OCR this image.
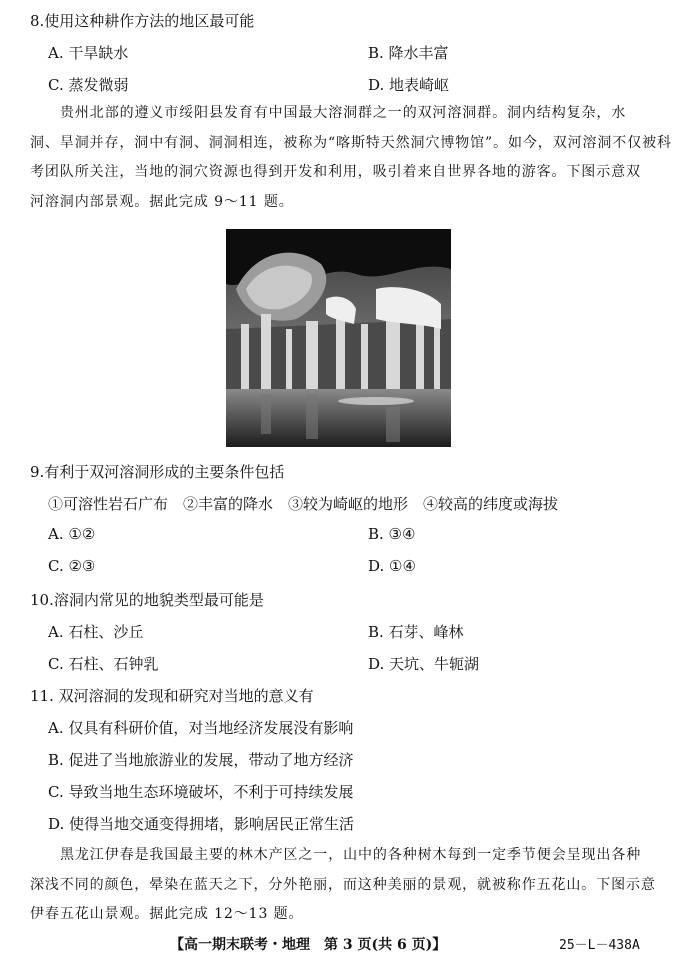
8.使用这种耕作方法的地区最可能
A. 干旱缺水	B. 降水丰富
C. 蒸发微弱	D. 地表崎岖
贵州北部的遵义市绥阳县发育有中国最大溶洞群之一的双河溶洞群。洞内结构复杂，水
洞、旱洞并存，洞中有洞、洞洞相连，被称为“喀斯特天然洞穴博物馆”。如今，双河溶洞不仅被科
考团队所关注，当地的洞穴资源也得到开发和利用，吸引着来自世界各地的游客。下图示意双
河溶洞内部景观。据此完成 9～11 题。
9.有利于双河溶洞形成的主要条件包括
①可溶性岩石广布　②丰富的降水　③较为崎岖的地形　④较高的纬度或海拔
A. ①②	B. ③④
C. ②③	D. ①④
10.溶洞内常见的地貌类型最可能是
A. 石柱、沙丘	B. 石芽、峰林
C. 石柱、石钟乳	D. 天坑、牛轭湖
11. 双河溶洞的发现和研究对当地的意义有
A. 仅具有科研价值，对当地经济发展没有影响
B. 促进了当地旅游业的发展，带动了地方经济
C. 导致当地生态环境破坏，不利于可持续发展
D. 使得当地交通变得拥堵，影响居民正常生活
黑龙江伊春是我国最主要的林木产区之一，山中的各种树木每到一定季节便会呈现出各种
深浅不同的颜色，晕染在蓝天之下，分外艳丽，而这种美丽的景观，就被称作五花山。下图示意
伊春五花山景观。据此完成 12～13 题。
【高一期末联考・地理　第 3 页(共 6 页)】	25－L－438A
